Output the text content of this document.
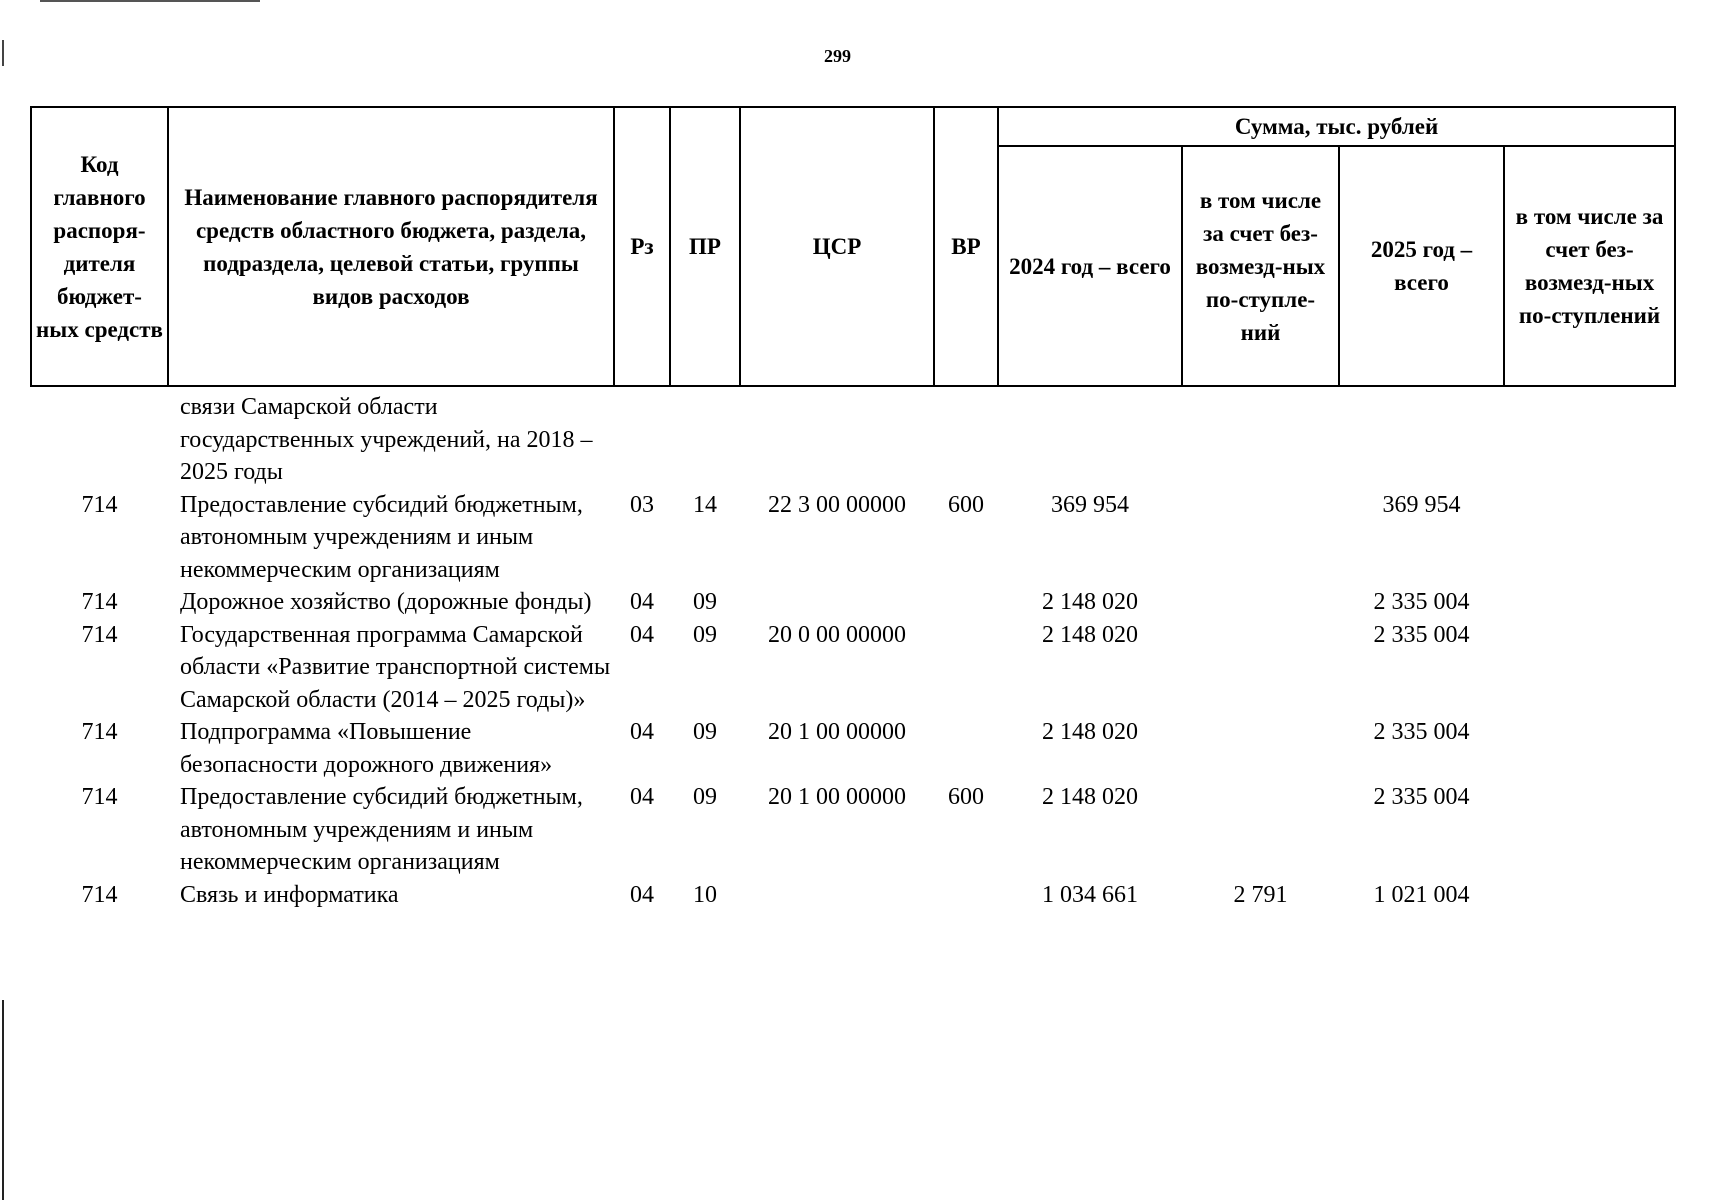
299
Код главного распоря-дителя бюджет-ных средств	Наименование главного распорядителя средств областного бюджета, раздела, подраздела, целевой статьи, группы видов расходов	Рз	ПР	ЦСР	ВР	Сумма, тыс. рублей			
						2024 год – всего	в том числе за счет без-возмезд-ных по-ступле-ний	2025 год – всего	в том числе за счет без-возмезд-ных по-ступлений
	связи Самарской области государственных учреждений, на 2018 – 2025 годы								
714	Предоставление субсидий бюджетным, автономным учреждениям и иным некоммерческим организациям	03	14	22 3 00 00000	600	369 954		369 954	
714	Дорожное хозяйство (дорожные фонды)	04	09			2 148 020		2 335 004	
714	Государственная программа Самарской области «Развитие транспортной системы Самарской области (2014 – 2025 годы)»	04	09	20 0 00 00000		2 148 020		2 335 004	
714	Подпрограмма «Повышение безопасности дорожного движения»	04	09	20 1 00 00000		2 148 020		2 335 004	
714	Предоставление субсидий бюджетным, автономным учреждениям и иным некоммерческим организациям	04	09	20 1 00 00000	600	2 148 020		2 335 004	
714	Связь и информатика	04	10			1 034 661	2 791	1 021 004	
